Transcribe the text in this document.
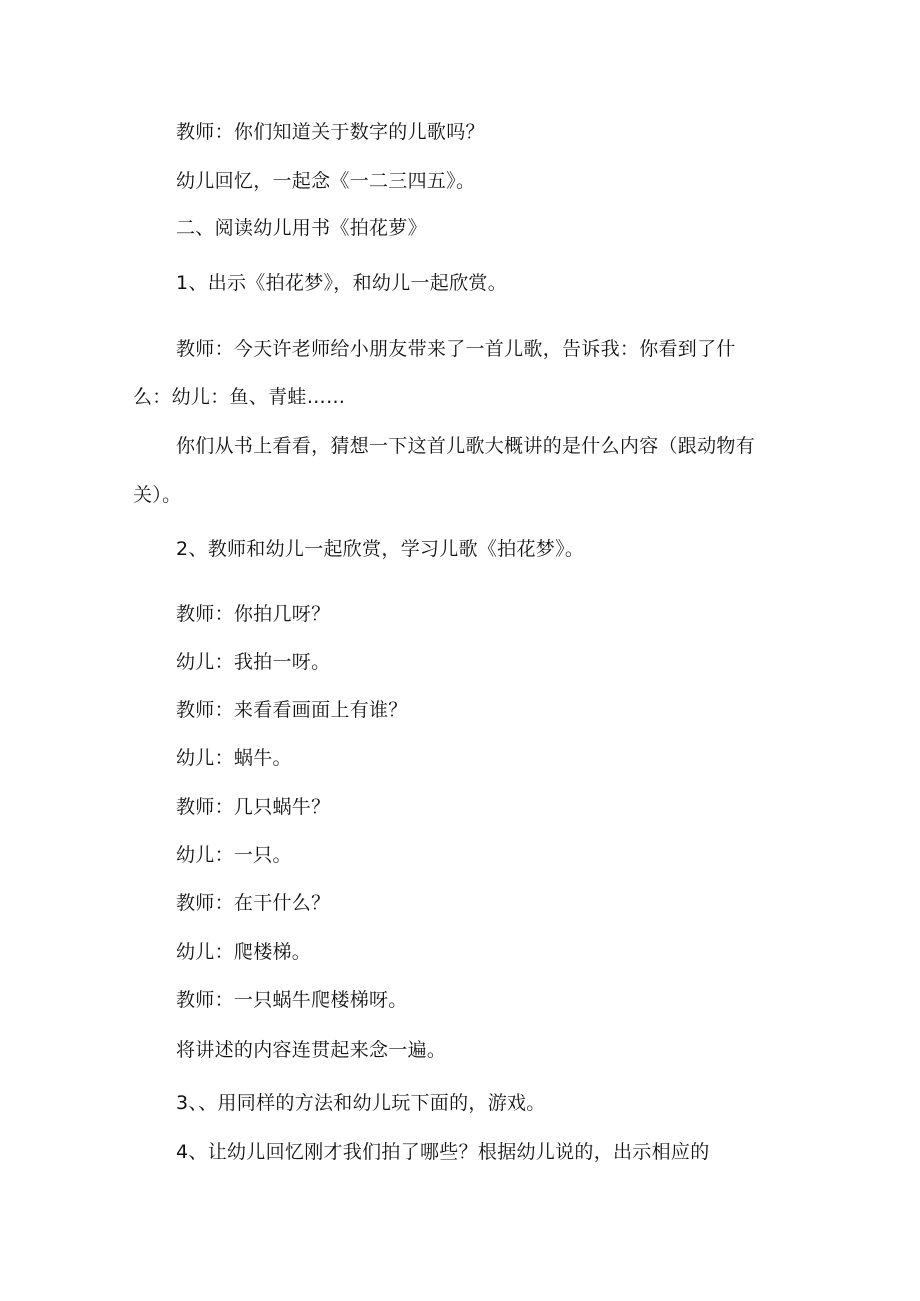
教师：你们知道关于数字的儿歌吗？
幼儿回忆，一起念《一二三四五》。
二、阅读幼儿用书《拍花萝》
1、出示《拍花梦》，和幼儿一起欣赏。
教师：今天许老师给小朋友带来了一首儿歌，告诉我：你看到了什
么：幼儿：鱼、青蛙……
你们从书上看看，猜想一下这首儿歌大概讲的是什么内容（跟动物有
关）。
2、教师和幼儿一起欣赏，学习儿歌《拍花梦》。
教师：你拍几呀？
幼儿：我拍一呀。
教师：来看看画面上有谁？
幼儿：蜗牛。
教师：几只蜗牛？
幼儿：一只。
教师：在干什么？
幼儿：爬楼梯。
教师：一只蜗牛爬楼梯呀。
将讲述的内容连贯起来念一遍。
3、、用同样的方法和幼儿玩下面的，游戏。
4、让幼儿回忆刚才我们拍了哪些？根据幼儿说的，出示相应的
